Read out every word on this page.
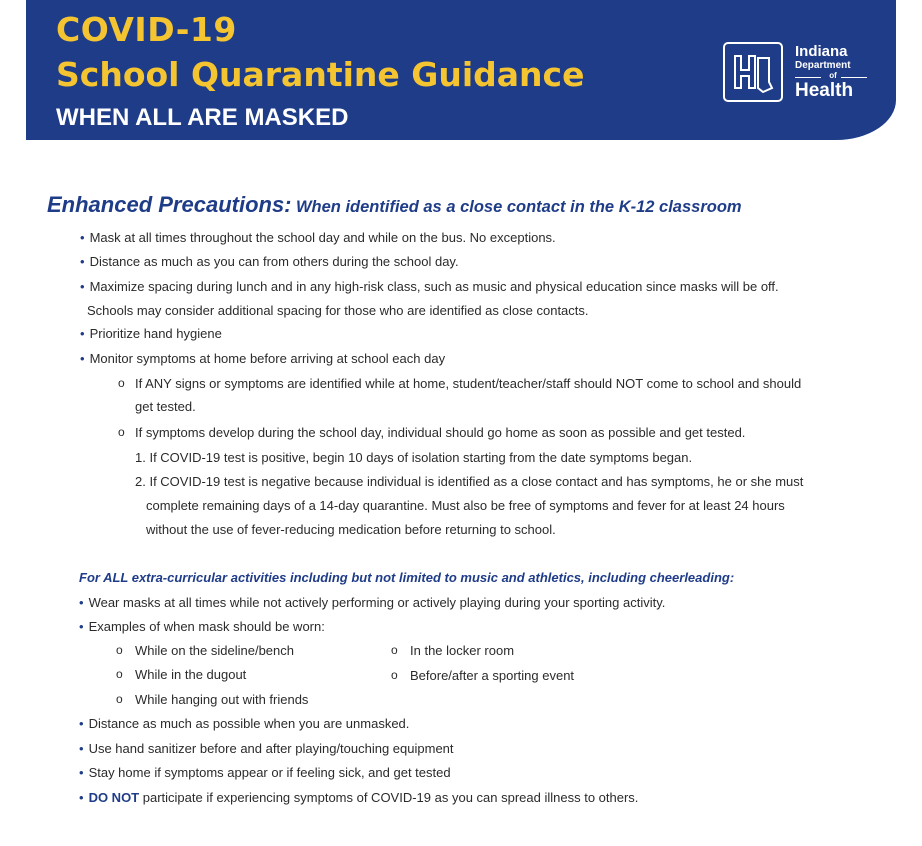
COVID-19
School Quarantine Guidance
WHEN ALL ARE MASKED
Indiana
Department
of
Health
Enhanced Precautions: When identified as a close contact in the K-12 classroom
• Mask at all times throughout the school day and while on the bus. No exceptions.
• Distance as much as you can from others during the school day.
• Maximize spacing during lunch and in any high-risk class, such as music and physical education since masks will be off.
Schools may consider additional spacing for those who are identified as close contacts.
• Prioritize hand hygiene
• Monitor symptoms at home before arriving at school each day
o If ANY signs or symptoms are identified while at home, student/teacher/staff should NOT come to school and should
get tested.
o If symptoms develop during the school day, individual should go home as soon as possible and get tested.
1. If COVID-19 test is positive, begin 10 days of isolation starting from the date symptoms began.
2. If COVID-19 test is negative because individual is identified as a close contact and has symptoms, he or she must
complete remaining days of a 14-day quarantine. Must also be free of symptoms and fever for at least 24 hours
without the use of fever-reducing medication before returning to school.
For ALL extra-curricular activities including but not limited to music and athletics, including cheerleading:
• Wear masks at all times while not actively performing or actively playing during your sporting activity.
• Examples of when mask should be worn:
o While on the sideline/bench
o While in the dugout
o While hanging out with friends
o In the locker room
o Before/after a sporting event
• Distance as much as possible when you are unmasked.
• Use hand sanitizer before and after playing/touching equipment
• Stay home if symptoms appear or if feeling sick, and get tested
• DO NOT participate if experiencing symptoms of COVID-19 as you can spread illness to others.
